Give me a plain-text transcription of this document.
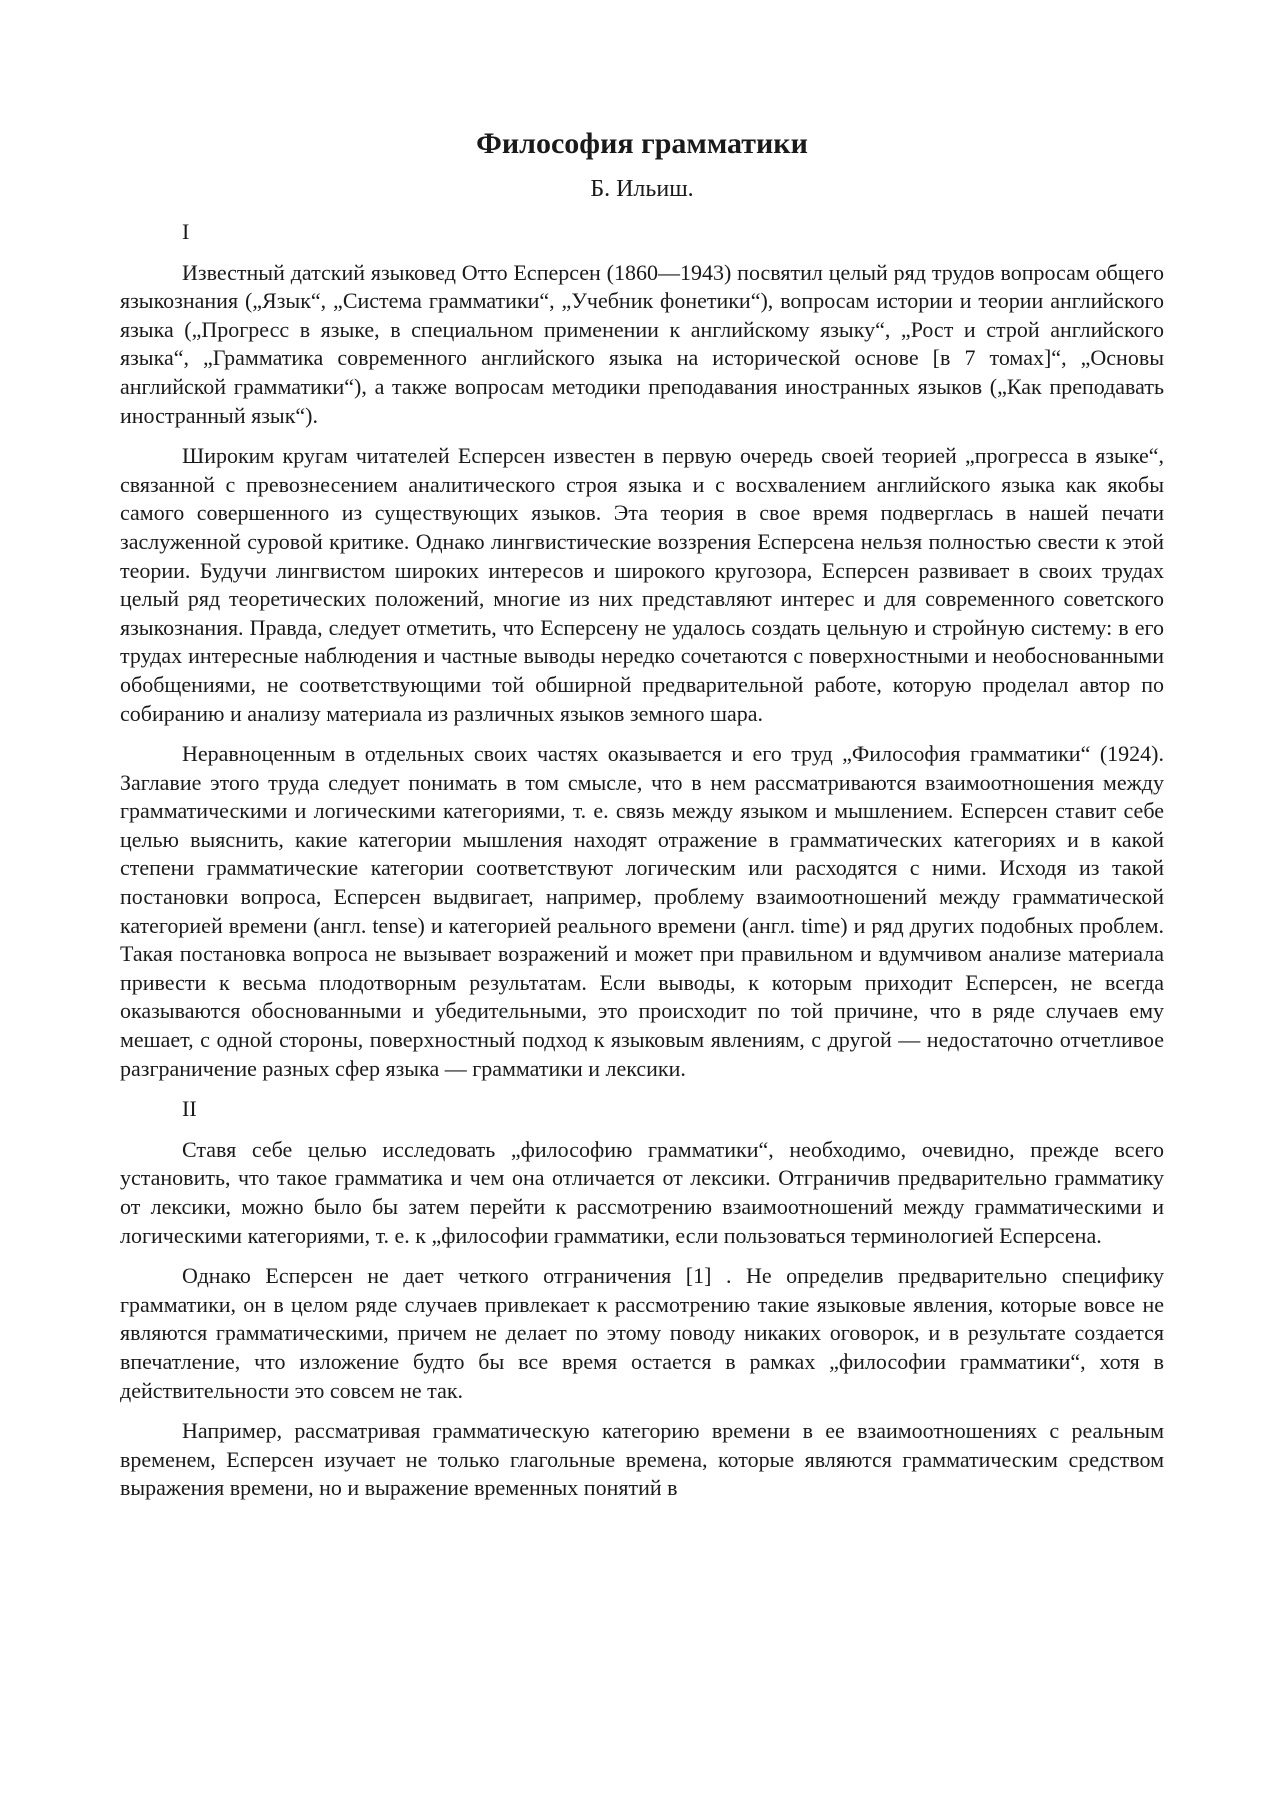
Философия грамматики
Б. Ильиш.
I

Известный датский языковед Отто Есперсен (1860—1943) посвятил целый ряд трудов вопросам общего языкознания („Язык“, „Система грамматики“, „Учебник фонетики“), вопросам истории и теории английского языка („Прогресс в языке, в специальном применении к английскому языку“, „Рост и строй английского языка“, „Грамматика современного английского языка на исторической основе [в 7 томах]“, „Основы английской грамматики“), а также вопросам методики преподавания иностранных языков („Как преподавать иностранный язык“).

Широким кругам читателей Есперсен известен в первую очередь своей теорией „прогресса в языке“, связанной с превознесением аналитического строя языка и с восхвалением английского языка как якобы самого совершенного из существующих языков. Эта теория в свое время подверглась в нашей печати заслуженной суровой критике. Однако лингвистические воззрения Есперсена нельзя полностью свести к этой теории. Будучи лингвистом широких интересов и широкого кругозора, Есперсен развивает в своих трудах целый ряд теоретических положений, многие из них представляют интерес и для современного советского языкознания. Правда, следует отметить, что Есперсену не удалось создать цельную и стройную систему: в его трудах интересные наблюдения и частные выводы нередко сочетаются с поверхностными и необоснованными обобщениями, не соответствующими той обширной предварительной работе, которую проделал автор по собиранию и анализу материала из различных языков земного шара.

Неравноценным в отдельных своих частях оказывается и его труд „Философия грамматики“ (1924). Заглавие этого труда следует понимать в том смысле, что в нем рассматриваются взаимоотношения между грамматическими и логическими категориями, т. е. связь между языком и мышлением. Есперсен ставит себе целью выяснить, какие категории мышления находят отражение в грамматических категориях и в какой степени грамматические категории соответствуют логическим или расходятся с ними. Исходя из такой постановки вопроса, Есперсен выдвигает, например, проблему взаимоотношений между грамматической категорией времени (англ. tense) и категорией реального времени (англ. time) и ряд других подобных проблем. Такая постановка вопроса не вызывает возражений и может при правильном и вдумчивом анализе материала привести к весьма плодотворным результатам. Если выводы, к которым приходит Есперсен, не всегда оказываются обоснованными и убедительными, это происходит по той причине, что в ряде случаев ему мешает, с одной стороны, поверхностный подход к языковым явлениям, с другой — недостаточно отчетливое разграничение разных сфер языка — грамматики и лексики.

II

Ставя себе целью исследовать „философию грамматики“, необходимо, очевидно, прежде всего установить, что такое грамматика и чем она отличается от лексики. Отграничив предварительно грамматику от лексики, можно было бы затем перейти к рассмотрению взаимоотношений между грамматическими и логическими категориями, т. е. к „философии грамматики, если пользоваться терминологией Есперсена.

Однако Есперсен не дает четкого отграничения [1] . Не определив предварительно специфику грамматики, он в целом ряде случаев привлекает к рассмотрению такие языковые явления, которые вовсе не являются грамматическими, причем не делает по этому поводу никаких оговорок, и в результате создается впечатление, что изложение будто бы все время остается в рамках „философии грамматики“, хотя в действительности это совсем не так.

Например, рассматривая грамматическую категорию времени в ее взаимоотношениях с реальным временем, Есперсен изучает не только глагольные времена, которые являются грамматическим средством выражения времени, но и выражение временных понятий в
